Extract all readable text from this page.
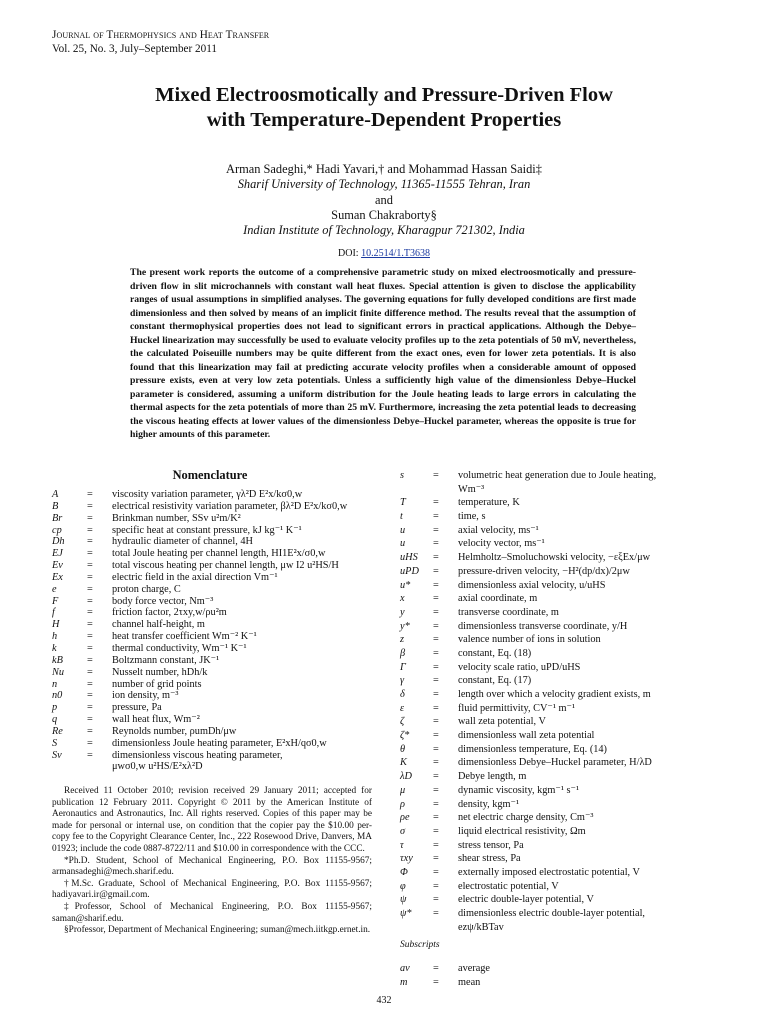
Journal of Thermophysics and Heat Transfer
Vol. 25, No. 3, July–September 2011
Mixed Electroosmotically and Pressure-Driven Flow
with Temperature-Dependent Properties
Arman Sadeghi,* Hadi Yavari,† and Mohammad Hassan Saidi‡
Sharif University of Technology, 11365-11555 Tehran, Iran
and
Suman Chakraborty§
Indian Institute of Technology, Kharagpur 721302, India
DOI: 10.2514/1.T3638
The present work reports the outcome of a comprehensive parametric study on mixed electroosmotically and pressure-driven flow in slit microchannels with constant wall heat fluxes. Special attention is given to disclose the applicability ranges of usual assumptions in simplified analyses. The governing equations for fully developed conditions are first made dimensionless and then solved by means of an implicit finite difference method. The results reveal that the assumption of constant thermophysical properties does not lead to significant errors in practical applications. Although the Debye–Huckel linearization may successfully be used to evaluate velocity profiles up to the zeta potentials of 50 mV, nevertheless, the calculated Poiseuille numbers may be quite different from the exact ones, even for lower zeta potentials. It is also found that this linearization may fail at predicting accurate velocity profiles when a considerable amount of opposed pressure exists, even at very low zeta potentials. Unless a sufficiently high value of the dimensionless Debye–Huckel parameter is considered, assuming a uniform distribution for the Joule heating leads to large errors in calculating the thermal aspects for the zeta potentials of more than 25 mV. Furthermore, increasing the zeta potential leads to decreasing the viscous heating effects at lower values of the dimensionless Debye–Huckel parameter, whereas the opposite is true for higher amounts of this parameter.
Nomenclature
A	= viscosity variation parameter, γλ²D E²x/kσ0,w
B	= electrical resistivity variation parameter, βλ²D E²x/kσ0,w
Br = Brinkman number, SSv u²m/K²
cp = specific heat at constant pressure, kJ kg⁻¹ K⁻¹
Dh = hydraulic diameter of channel, 4H
EJ = total Joule heating per channel length, HI1E²x/σ0,w
Ev = total viscous heating per channel length, μw I2 u²HS/H
Ex = electric field in the axial direction Vm⁻¹
e	= proton charge, C
F	= body force vector, Nm⁻³
f	= friction factor, 2τxy,w/ρu²m
H	= channel half-height, m
h	= heat transfer coefficient Wm⁻² K⁻¹
k	= thermal conductivity, Wm⁻¹ K⁻¹
kB = Boltzmann constant, JK⁻¹
Nu = Nusselt number, hDh/k
n	= number of grid points
n0 = ion density, m⁻³
p	= pressure, Pa
q	= wall heat flux, Wm⁻²
Re = Reynolds number, ρumDh/μw
S	= dimensionless Joule heating parameter, E²xH/qσ0,w
Sv = dimensionless viscous heating parameter,
μwσ0,w u²HS/E²xλ²D
s	= volumetric heat generation due to Joule heating,
Wm⁻³
T	= temperature, K
t	= time, s
u	= axial velocity, ms⁻¹
u	= velocity vector, ms⁻¹
uHS = Helmholtz–Smoluchowski velocity, −εξEx/μw
uPD = pressure-driven velocity, −H²(dp/dx)/2μw
u* = dimensionless axial velocity, u/uHS
x	= axial coordinate, m
y	= transverse coordinate, m
y* = dimensionless transverse coordinate, y/H
z	= valence number of ions in solution
β	= constant, Eq. (18)
Γ	= velocity scale ratio, uPD/uHS
γ	= constant, Eq. (17)
δ	= length over which a velocity gradient exists, m
ε	= fluid permittivity, CV⁻¹ m⁻¹
ζ	= wall zeta potential, V
ζ* = dimensionless wall zeta potential
θ	= dimensionless temperature, Eq. (14)
K	= dimensionless Debye–Huckel parameter, H/λD
λD = Debye length, m
μ	= dynamic viscosity, kgm⁻¹ s⁻¹
ρ	= density, kgm⁻¹
ρe = net electric charge density, Cm⁻³
σ	= liquid electrical resistivity, Ωm
τ	= stress tensor, Pa
τxy = shear stress, Pa
Φ = externally imposed electrostatic potential, V
φ	= electrostatic potential, V
ψ	= electric double-layer potential, V
ψ* = dimensionless electric double-layer potential,
ezψ/kBTav

Received 11 October 2010; revision received 29 January 2011; accepted for publication 12 February 2011. Copyright © 2011 by the American Institute of Aeronautics and Astronautics, Inc. All rights reserved. Copies of this paper may be made for personal or internal use, on condition that the copier pay the $10.00 per-copy fee to the Copyright Clearance Center, Inc., 222 Rosewood Drive, Danvers, MA 01923; include the code 0887-8722/11 and $10.00 in correspondence with the CCC.

*Ph.D. Student, School of Mechanical Engineering, P.O. Box 11155-9567; armansadeghi@mech.sharif.edu.

†M.Sc. Graduate, School of Mechanical Engineering, P.O. Box 11155-9567; hadiyavari.ir@gmail.com.

‡Professor, School of Mechanical Engineering, P.O. Box 11155-9567; saman@sharif.edu.

§Professor, Department of Mechanical Engineering; suman@mech.iitkgp.ernet.in.

Subscripts
av = average
m = mean
432
